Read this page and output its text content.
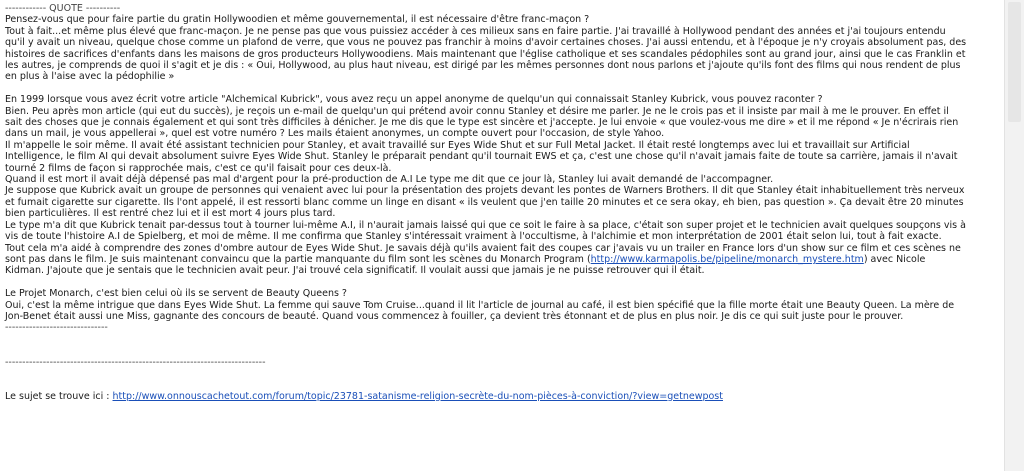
------------ QUOTE ----------

Pensez-vous que pour faire partie du gratin Hollywoodien et même gouvernemental, il est nécessaire d'être franc-maçon ?

Tout à fait...et même plus élevé que franc-maçon. Je ne pense pas que vous puissiez accéder à ces milieux sans en faire partie. J'ai travaillé à Hollywood pendant des années et j'ai toujours entendu qu'il y avait un niveau, quelque chose comme un plafond de verre, que vous ne pouvez pas franchir à moins d'avoir certaines choses. J'ai aussi entendu, et à l'époque je n'y croyais absolument pas, des histoires de sacrifices d'enfants dans les maisons de gros producteurs Hollywoodiens. Mais maintenant que l'église catholique et ses scandales pédophiles sont au grand jour, ainsi que le cas Franklin et les autres, je comprends de quoi il s'agit et je dis : « Oui, Hollywood, au plus haut niveau, est dirigé par les mêmes personnes dont nous parlons et j'ajoute qu'ils font des films qui nous rendent de plus en plus à l'aise avec la pédophilie »

En 1999 lorsque vous avez écrit votre article "Alchemical Kubrick", vous avez reçu un appel anonyme de quelqu'un qui connaissait Stanley Kubrick, vous pouvez raconter ?

Bien. Peu après mon article (qui eut du succès), je reçois un e-mail de quelqu'un qui prétend avoir connu Stanley et désire me parler. Je ne le crois pas et il insiste par mail à me le prouver. En effet il sait des choses que je connais également et qui sont très difficiles à dénicher. Je me dis que le type est sincère et j'accepte. Je lui envoie « que voulez-vous me dire » et il me répond « Je n'écrirais rien dans un mail, je vous appellerai », quel est votre numéro ? Les mails étaient anonymes, un compte ouvert pour l'occasion, de style Yahoo.

Il m'appelle le soir même. Il avait été assistant technicien pour Stanley, et avait travaillé sur Eyes Wide Shut et sur Full Metal Jacket. Il était resté longtemps avec lui et travaillait sur Artificial Intelligence, le film AI qui devait absolument suivre Eyes Wide Shut. Stanley le préparait pendant qu'il tournait EWS et ça, c'est une chose qu'il n'avait jamais faite de toute sa carrière, jamais il n'avait tourné 2 films de façon si rapprochée mais, c'est ce qu'il faisait pour ces deux-là.

Quand il est mort il avait déjà dépensé pas mal d'argent pour la pré-production de A.I Le type me dit que ce jour là, Stanley lui avait demandé de l'accompagner.

Je suppose que Kubrick avait un groupe de personnes qui venaient avec lui pour la présentation des projets devant les pontes de Warners Brothers. Il dit que Stanley était inhabituellement très nerveux et fumait cigarette sur cigarette. Ils l'ont appelé, il est ressorti blanc comme un linge en disant « ils veulent que j'en taille 20 minutes et ce sera okay, eh bien, pas question ». Ça devait être 20 minutes bien particulières. Il est rentré chez lui et il est mort 4 jours plus tard.

Le type m'a dit que Kubrick tenait par-dessus tout à tourner lui-même A.I, il n'aurait jamais laissé qui que ce soit le faire à sa place, c'était son super projet et le technicien avait quelques soupçons vis à vis de toute l'histoire A.I de Spielberg, et moi de même. Il me confirma que Stanley s'intéressait vraiment à l'occultisme, à l'alchimie et mon interprétation de 2001 était selon lui, tout à fait exacte.

Tout cela m'a aidé à comprendre des zones d'ombre autour de Eyes Wide Shut. Je savais déjà qu'ils avaient fait des coupes car j'avais vu un trailer en France lors d'un show sur ce film et ces scènes ne sont pas dans le film. Je suis maintenant convaincu que la partie manquante du film sont les scènes du Monarch Program (http://www.karmapolis.be/pipeline/monarch_mystere.htm) avec Nicole Kidman. J'ajoute que je sentais que le technicien avait peur. J'ai trouvé cela significatif. Il voulait aussi que jamais je ne puisse retrouver qui il était.

Le Projet Monarch, c'est bien celui où ils se servent de Beauty Queens ?

Oui, c'est la même intrigue que dans Eyes Wide Shut. La femme qui sauve Tom Cruise...quand il lit l'article de journal au café, il est bien spécifié que la fille morte était une Beauty Queen. La mère de Jon-Benet était aussi une Miss, gagnante des concours de beauté. Quand vous commencez à fouiller, ça devient très étonnant et de plus en plus noir. Je dis ce qui suit juste pour le prouver.

------------------------------

----------------------------------------------------------------------------

Le sujet se trouve ici : http://www.onnouscachetout.com/forum/topic/23781-satanisme-religion-secrète-du-nom-pièces-à-conviction/?view=getnewpost
